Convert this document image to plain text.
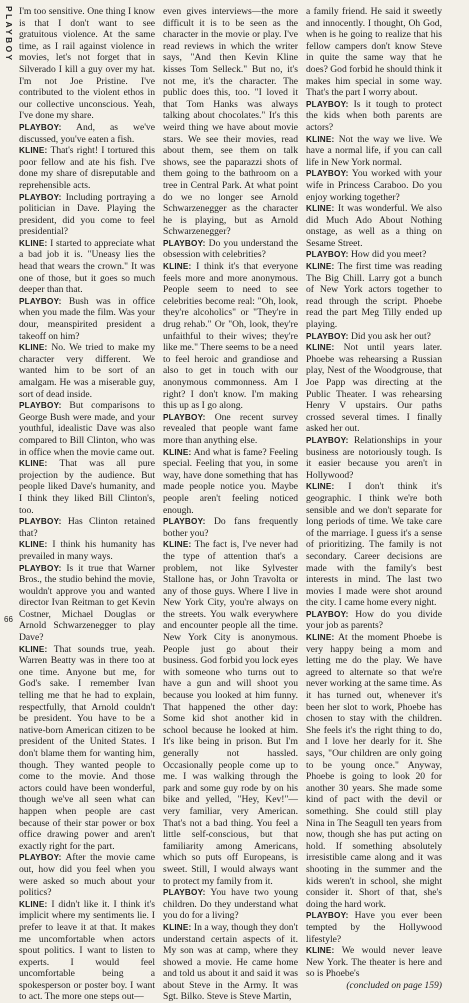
PLAYBOY
66

I'm too sensitive. One thing I know is that I don't want to see gratuitous violence. At the same time, as I rail against violence in movies, let's not forget that in Silverado I kill a guy over my hat. I'm not Joe Pristine. I've contributed to the violent ethos in our collective unconscious. Yeah, I've done my share.

PLAYBOY: And, as we've discussed, you've eaten a fish.

KLINE: That's right! I tortured this poor fellow and ate his fish. I've done my share of disreputable and reprehensible acts.

PLAYBOY: Including portraying a politician in Dave. Playing the president, did you come to feel presidential?

KLINE: I started to appreciate what a bad job it is. "Uneasy lies the head that wears the crown." It was one of those, but it goes so much deeper than that.

PLAYBOY: Bush was in office when you made the film. Was your dour, meanspirited president a takeoff on him?

KLINE: No. We tried to make my character very different. We wanted him to be sort of an amalgam. He was a miserable guy, sort of dead inside.

PLAYBOY: But comparisons to George Bush were made, and your youthful, idealistic Dave was also compared to Bill Clinton, who was in office when the movie came out.

KLINE: That was all pure projection by the audience. But people liked Dave's humanity, and I think they liked Bill Clinton's, too.

PLAYBOY: Has Clinton retained that?

KLINE: I think his humanity has prevailed in many ways.

PLAYBOY: Is it true that Warner Bros., the studio behind the movie, wouldn't approve you and wanted director Ivan Reitman to get Kevin Costner, Michael Douglas or Arnold Schwarzenegger to play Dave?

KLINE: That sounds true, yeah. Warren Beatty was in there too at one time. Anyone but me, for God's sake. I remember Ivan telling me that he had to explain, respectfully, that Arnold couldn't be president. You have to be a native-born American citizen to be president of the United States. I don't blame them for wanting him, though. They wanted people to come to the movie. And those actors could have been wonderful, though we've all seen what can happen when people are cast because of their star power or box office drawing power and aren't exactly right for the part.

PLAYBOY: After the movie came out, how did you feel when you were asked so much about your politics?

KLINE: I didn't like it. I think it's implicit where my sentiments lie. I prefer to leave it at that. It makes me uncomfortable when actors spout politics. I want to listen to experts. I would feel uncomfortable being a spokesperson or poster boy. I want to act. The more one steps out—

even gives interviews—the more difficult it is to be seen as the character in the movie or play. I've read reviews in which the writer says, "And then Kevin Kline kisses Tom Selleck." But no, it's not me, it's the character. The public does this, too. "I loved it that Tom Hanks was always talking about chocolates." It's this weird thing we have about movie stars. We see their movies, read about them, see them on talk shows, see the paparazzi shots of them going to the bathroom on a tree in Central Park. At what point do we no longer see Arnold Schwarzenegger as the character he is playing, but as Arnold Schwarzenegger?

PLAYBOY: Do you understand the obsession with celebrities?

KLINE: I think it's that everyone feels more and more anonymous. People seem to need to see celebrities become real: "Oh, look, they're alcoholics" or "They're in drug rehab." Or "Oh, look, they're unfaithful to their wives; they're like me." There seems to be a need to feel heroic and grandiose and also to get in touch with our anonymous commonness. Am I right? I don't know. I'm making this up as I go along.

PLAYBOY: One recent survey revealed that people want fame more than anything else.

KLINE: And what is fame? Feeling special. Feeling that you, in some way, have done something that has made people notice you. Maybe people aren't feeling noticed enough.

PLAYBOY: Do fans frequently bother you?

KLINE: The fact is, I've never had the type of attention that's a problem, not like Sylvester Stallone has, or John Travolta or any of those guys. Where I live in New York City, you're always on the streets. You walk everywhere and encounter people all the time. New York City is anonymous. People just go about their business. God forbid you lock eyes with someone who turns out to have a gun and will shoot you because you looked at him funny. That happened the other day: Some kid shot another kid in school because he looked at him. It's like being in prison. But I'm generally not hassled. Occasionally people come up to me. I was walking through the park and some guy rode by on his bike and yelled, "Hey, Kev!"—very familiar, very American. That's not a bad thing. You feel a little self-conscious, but that familiarity among Americans, which so puts off Europeans, is sweet. Still, I would always want to protect my family from it.

PLAYBOY: You have two young children. Do they understand what you do for a living?

KLINE: In a way, though they don't understand certain aspects of it. My son was at camp, where they showed a movie. He came home and told us about it and said it was about Steve in the Army. It was Sgt. Bilko. Steve is Steve Martin,

a family friend. He said it sweetly and innocently. I thought, Oh God, when is he going to realize that his fellow campers don't know Steve in quite the same way that he does? God forbid he should think it makes him special in some way. That's the part I worry about.

PLAYBOY: Is it tough to protect the kids when both parents are actors?

KLINE: Not the way we live. We have a normal life, if you can call life in New York normal.

PLAYBOY: You worked with your wife in Princess Caraboo. Do you enjoy working together?

KLINE: It was wonderful. We also did Much Ado About Nothing onstage, as well as a thing on Sesame Street.

PLAYBOY: How did you meet?

KLINE: The first time was reading The Big Chill. Larry got a bunch of New York actors together to read through the script. Phoebe read the part Meg Tilly ended up playing.

PLAYBOY: Did you ask her out?

KLINE: Not until years later. Phoebe was rehearsing a Russian play, Nest of the Woodgrouse, that Joe Papp was directing at the Public Theater. I was rehearsing Henry V upstairs. Our paths crossed several times. I finally asked her out.

PLAYBOY: Relationships in your business are notoriously tough. Is it easier because you aren't in Hollywood?

KLINE: I don't think it's geographic. I think we're both sensible and we don't separate for long periods of time. We take care of the marriage. I guess it's a sense of prioritizing. The family is not secondary. Career decisions are made with the family's best interests in mind. The last two movies I made were shot around the city. I came home every night.

PLAYBOY: How do you divide your job as parents?

KLINE: At the moment Phoebe is very happy being a mom and letting me do the play. We have agreed to alternate so that we're never working at the same time. As it has turned out, whenever it's been her slot to work, Phoebe has chosen to stay with the children. She feels it's the right thing to do, and I love her dearly for it. She says, "Our children are only going to be young once." Anyway, Phoebe is going to look 20 for another 30 years. She made some kind of pact with the devil or something. She could still play Nina in The Seagull ten years from now, though she has put acting on hold. If something absolutely irresistible came along and it was shooting in the summer and the kids weren't in school, she might consider it. Short of that, she's doing the hard work.

PLAYBOY: Have you ever been tempted by the Hollywood lifestyle?

KLINE: We would never leave New York. The theater is here and so is Phoebe's

(concluded on page 159)
